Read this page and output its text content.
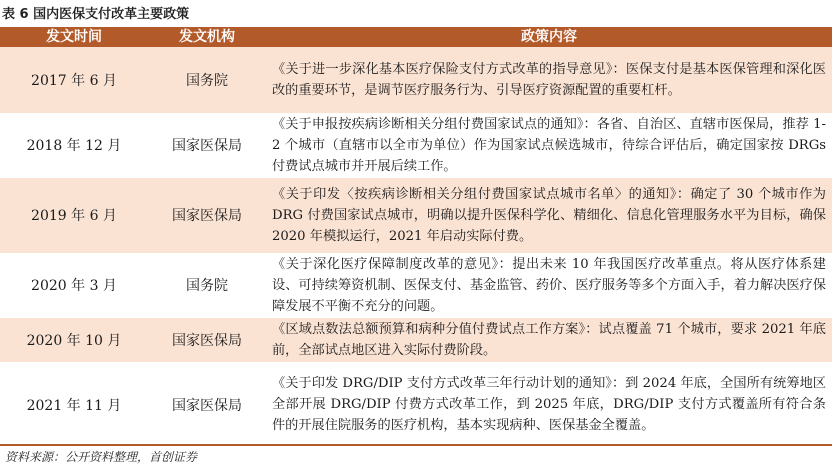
表 6 国内医保支付改革主要政策
发文时间	发文机构	政策内容
2017 年 6 月	国务院	《关于进一步深化基本医疗保险支付方式改革的指导意见》：医保支付是基本医保管理和深化医改的重要环节，是调节医疗服务行为、引导医疗资源配置的重要杠杆。
2018 年 12 月	国家医保局	《关于申报按疾病诊断相关分组付费国家试点的通知》：各省、自治区、直辖市医保局，推荐 1-2 个城市（直辖市以全市为单位）作为国家试点候选城市，待综合评估后，确定国家按 DRGs 付费试点城市并开展后续工作。
2019 年 6 月	国家医保局	《关于印发〈按疾病诊断相关分组付费国家试点城市名单〉的通知》：确定了 30 个城市作为 DRG 付费国家试点城市，明确以提升医保科学化、精细化、信息化管理服务水平为目标，确保 2020 年模拟运行，2021 年启动实际付费。
2020 年 3 月	国务院	《关于深化医疗保障制度改革的意见》：提出未来 10 年我国医疗改革重点。将从医疗体系建设、可持续筹资机制、医保支付、基金监管、药价、医疗服务等多个方面入手，着力解决医疗保障发展不平衡不充分的问题。
2020 年 10 月	国家医保局	《区域点数法总额预算和病种分值付费试点工作方案》：试点覆盖 71 个城市，要求 2021 年底前，全部试点地区进入实际付费阶段。
2021 年 11 月	国家医保局	《关于印发 DRG/DIP 支付方式改革三年行动计划的通知》：到 2024 年底，全国所有统筹地区全部开展 DRG/DIP 付费方式改革工作，到 2025 年底，DRG/DIP 支付方式覆盖所有符合条件的开展住院服务的医疗机构，基本实现病种、医保基金全覆盖。
资料来源：公开资料整理，首创证券
